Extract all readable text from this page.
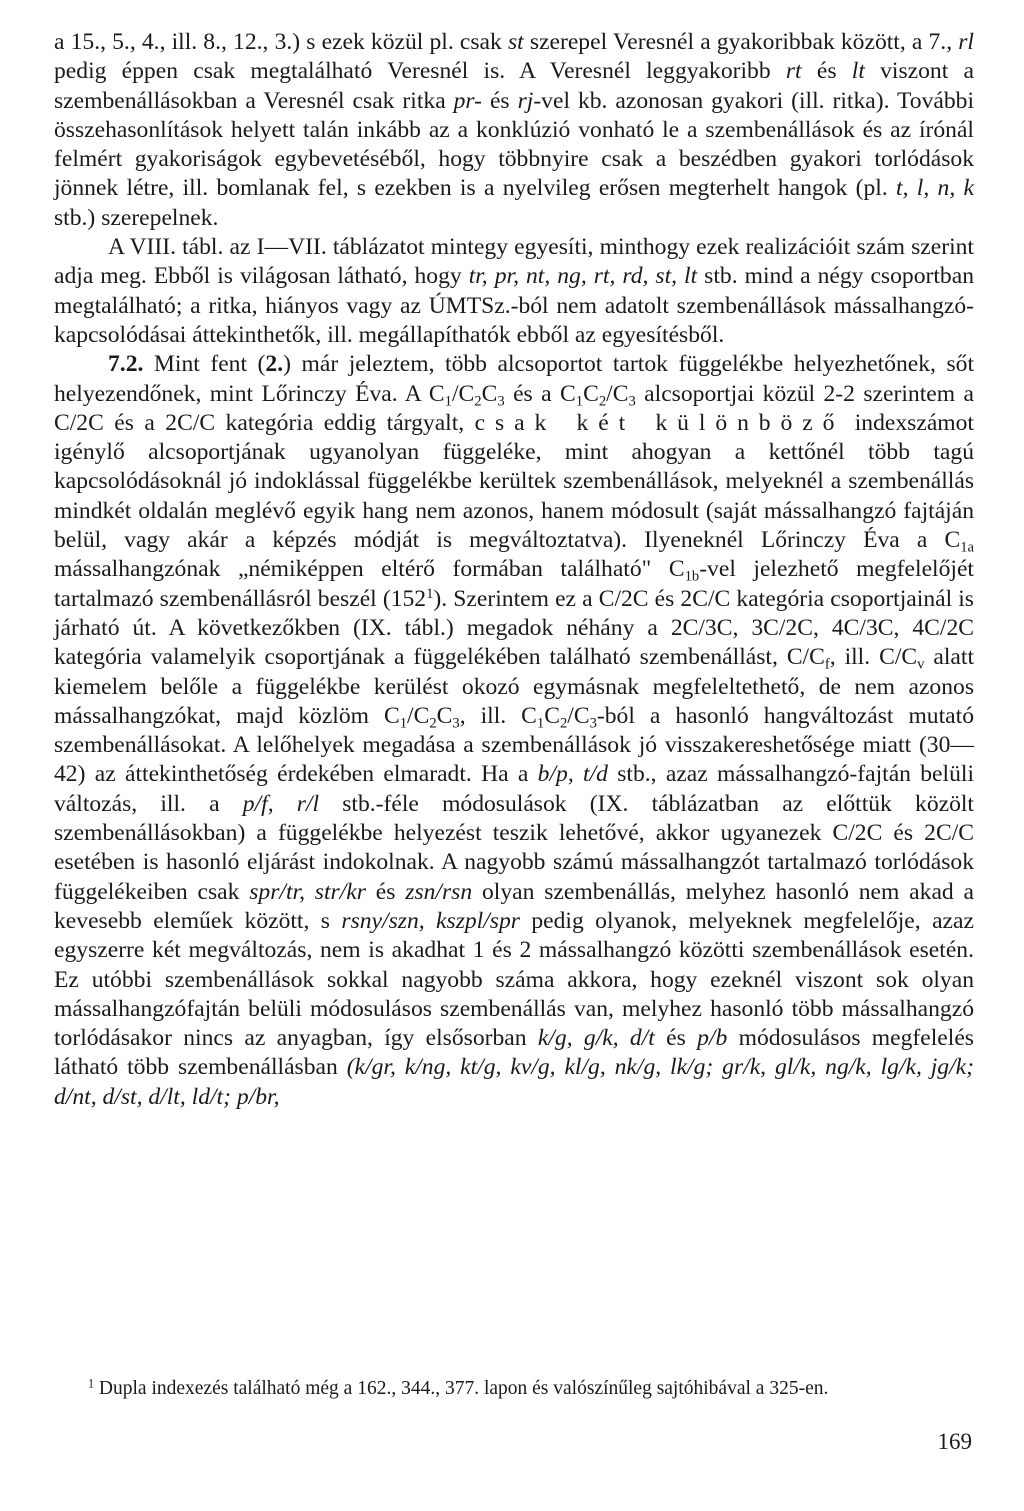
a 15., 5., 4., ill. 8., 12., 3.) s ezek közül pl. csak st szerepel Veresnél a gyakoribbak között, a 7., rl pedig éppen csak megtalálható Veresnél is. A Veresnél leggyakoribb rt és lt viszont a szembenállásokban a Veresnél csak ritka pr- és rj-vel kb. azonosan gyakori (ill. ritka). További összehasonlítások helyett talán inkább az a konklúzió vonható le a szembenállások és az írónál felmért gyakoriságok egybevetéséből, hogy többnyire csak a beszédben gyakori torlódások jönnek létre, ill. bomlanak fel, s ezekben is a nyelvileg erősen megterhelt hangok (pl. t, l, n, k stb.) szerepelnek.

A VIII. tábl. az I—VII. táblázatot mintegy egyesíti, minthogy ezek realizációit szám szerint adja meg. Ebből is világosan látható, hogy tr, pr, nt, ng, rt, rd, st, lt stb. mind a négy csoportban megtalálható; a ritka, hiányos vagy az ÚMTSz.-ból nem adatolt szembenállások mássalhangzó-kapcsolódásai áttekinthetők, ill. megállapíthatók ebből az egyesítésből.

7.2. Mint fent (2.) már jeleztem, több alcsoportot tartok függelékbe helyezhetőnek, sőt helyezendőnek, mint Lőrinczy Éva. A $C_1/C_2C_3$ és a $C_1C_2/C_3$ alcsoportjai közül 2-2 szerintem a C/2C és a 2C/C kategória eddig tárgyalt, csak két különböző indexszámot igénylő alcsoportjának ugyanolyan függeléke, mint ahogyan a kettőnél több tagú kapcsolódásoknál jó indoklással függelékbe kerültek szembenállások, melyeknél a szembenállás mindkét oldalán meglévő egyik hang nem azonos, hanem módosult (saját mássalhangzó fajtáján belül, vagy akár a képzés módját is megváltoztatva). Ilyeneknél Lőrinczy Éva a $C_{1a}$ mássalhangzónak „némiképpen eltérő formában található" $C_{1b}$-vel jelezhető megfelelőjét tartalmazó szembenállásról beszél $(152^1)$. Szerintem ez a C/2C és 2C/C kategória csoportjainál is járható út. A következőkben (IX. tábl.) megadok néhány a 2C/3C, 3C/2C, 4C/3C, 4C/2C kategória valamelyik csoportjának a függelékében található szembenállást, $C/C_f$, ill. $C/C_v$ alatt kiemelem belőle a függelékbe kerülést okozó egymásnak megfeleltethető, de nem azonos mássalhangzókat, majd közlöm $C_1/C_2C_3$, ill. $C_1C_2/C_3$-ból a hasonló hangváltozást mutató szembenállásokat. A lelőhelyek megadása a szembenállások jó visszakereshetősége miatt (30—42) az áttekinthetőség érdekében elmaradt. Ha a b/p, t/d stb., azaz mássalhangzó-fajtán belüli változás, ill. a p/f, r/l stb.-féle módosulások (IX. táblázatban az előttük közölt szembenállásokban) a függelékbe helyezést teszik lehetővé, akkor ugyanezek C/2C és 2C/C esetében is hasonló eljárást indokolnak. A nagyobb számú mássalhangzót tartalmazó torlódások függelékeiben csak spr/tr, str/kr és zsn/rsn olyan szembenállás, melyhez hasonló nem akad a kevesebb eleműek között, s rsny/szn, kszpl/spr pedig olyanok, melyeknek megfelelője, azaz egyszerre két megváltozás, nem is akadhat 1 és 2 mássalhangzó közötti szembenállások esetén. Ez utóbbi szembenállások sokkal nagyobb száma akkora, hogy ezeknél viszont sok olyan mássalhangzófajtán belüli módosulásos szembenállás van, melyhez hasonló több mássalhangzó torlódásakor nincs az anyagban, így elsősorban k/g, g/k, d/t és p/b módosulásos megfelelés látható több szembenállásban (k/gr, k/ng, kt/g, kv/g, kl/g, nk/g, lk/g; gr/k, gl/k, ng/k, lg/k, jg/k; d/nt, d/st, d/lt, ld/t; p/br,

$^1$ Dupla indexezés található még a 162., 344., 377. lapon és valószínűleg sajtóhibával a 325-en.

169
